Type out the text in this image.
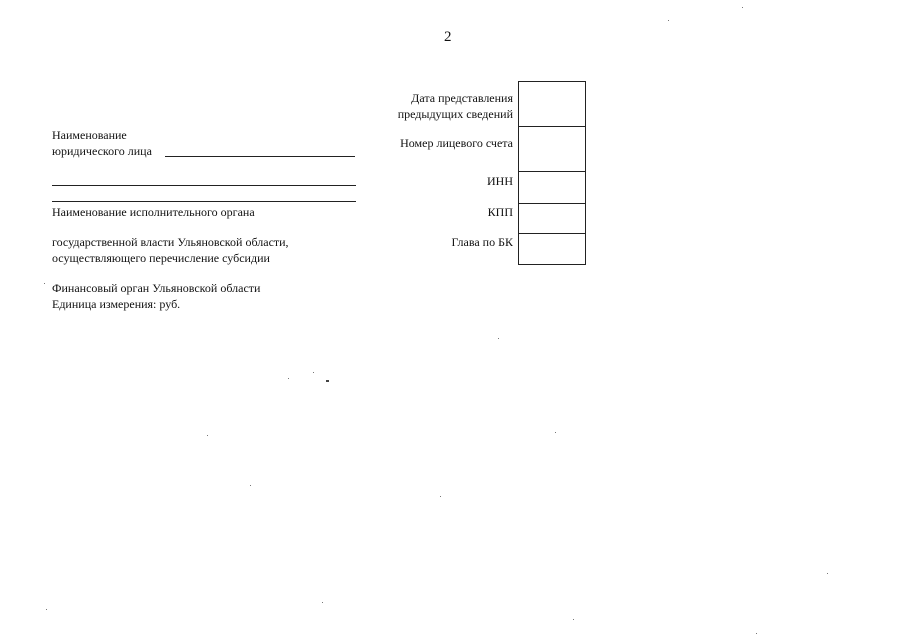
2
Наименование
юридического лица
Наименование исполнительного органа
государственной власти Ульяновской области,
осуществляющего перечисление субсидии
Финансовый орган Ульяновской области
Единица измерения: руб.
Дата представления
предыдущих сведений
Номер лицевого счета
ИНН
КПП
Глава по БК
